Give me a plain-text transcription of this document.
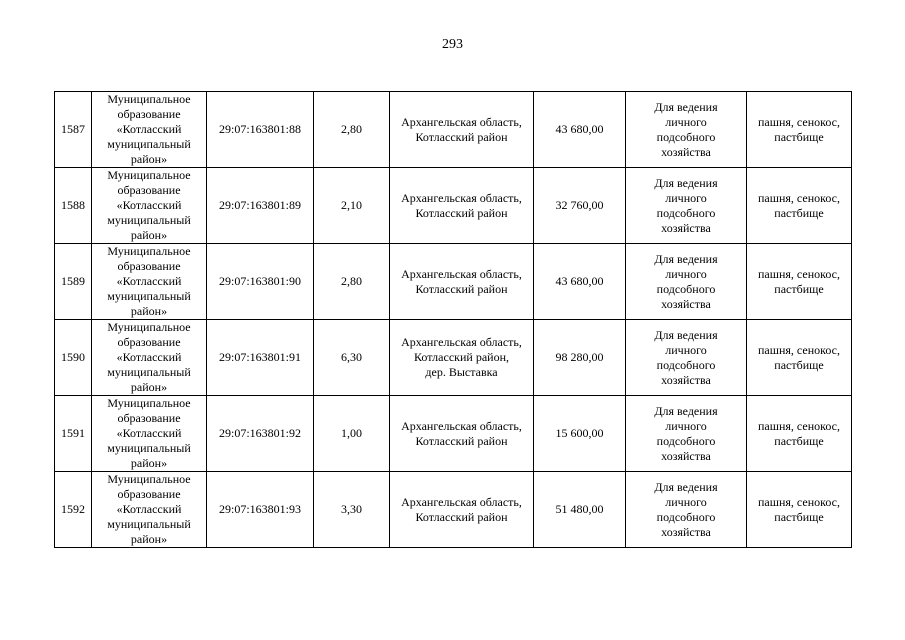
293
1587	Муниципальное
образование
«Котласский
муниципальный
район»	29:07:163801:88	2,80	Архангельская область,
Котласский район	43 680,00	Для ведения
личного
подсобного
хозяйства	пашня, сенокос,
пастбище
1588	Муниципальное
образование
«Котласский
муниципальный
район»	29:07:163801:89	2,10	Архангельская область,
Котласский район	32 760,00	Для ведения
личного
подсобного
хозяйства	пашня, сенокос,
пастбище
1589	Муниципальное
образование
«Котласский
муниципальный
район»	29:07:163801:90	2,80	Архангельская область,
Котласский район	43 680,00	Для ведения
личного
подсобного
хозяйства	пашня, сенокос,
пастбище
1590	Муниципальное
образование
«Котласский
муниципальный
район»	29:07:163801:91	6,30	Архангельская область,
Котласский район,
дер. Выставка	98 280,00	Для ведения
личного
подсобного
хозяйства	пашня, сенокос,
пастбище
1591	Муниципальное
образование
«Котласский
муниципальный
район»	29:07:163801:92	1,00	Архангельская область,
Котласский район	15 600,00	Для ведения
личного
подсобного
хозяйства	пашня, сенокос,
пастбище
1592	Муниципальное
образование
«Котласский
муниципальный
район»	29:07:163801:93	3,30	Архангельская область,
Котласский район	51 480,00	Для ведения
личного
подсобного
хозяйства	пашня, сенокос,
пастбище
